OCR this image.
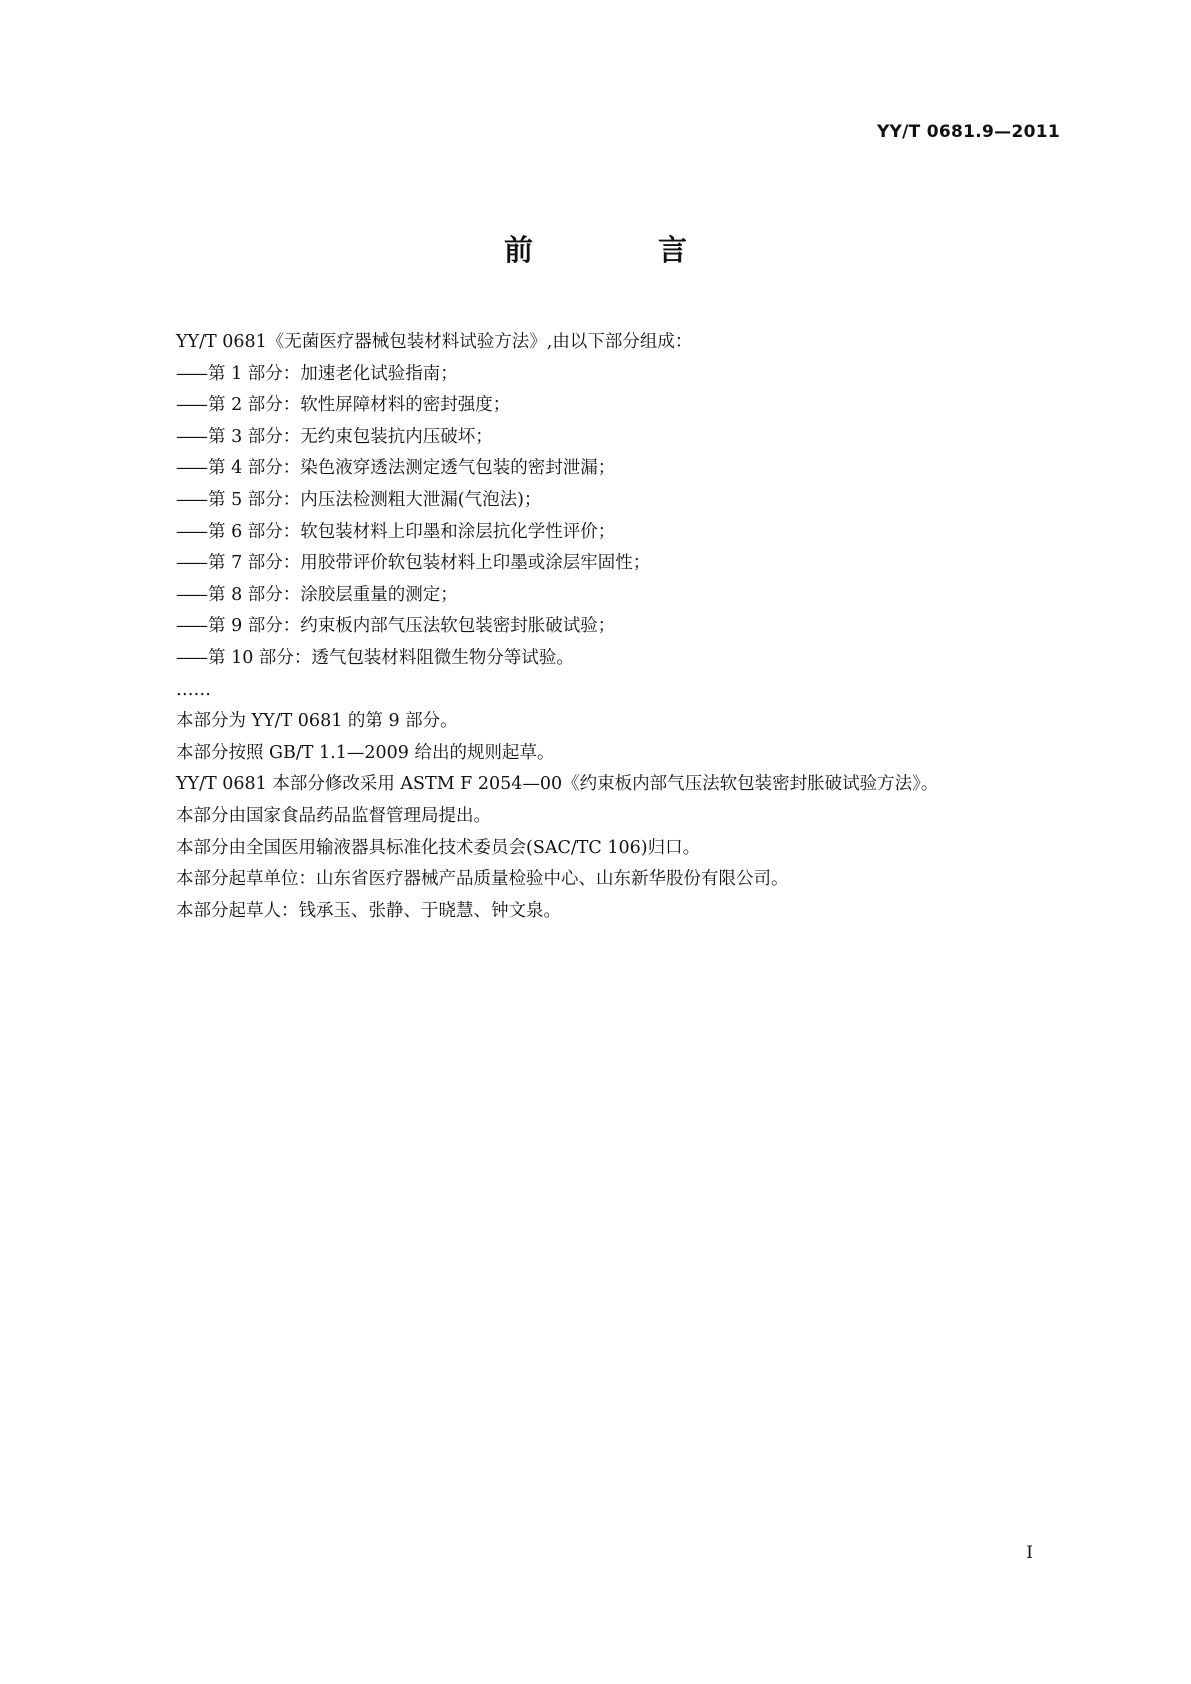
YY/T 0681.9—2011
前　言
YY/T 0681《无菌医疗器械包装材料试验方法》,由以下部分组成：
—— 第 1 部分：加速老化试验指南；
—— 第 2 部分：软性屏障材料的密封强度；
—— 第 3 部分：无约束包装抗内压破坏；
—— 第 4 部分：染色液穿透法测定透气包装的密封泄漏；
—— 第 5 部分：内压法检测粗大泄漏(气泡法)；
—— 第 6 部分：软包装材料上印墨和涂层抗化学性评价；
—— 第 7 部分：用胶带评价软包装材料上印墨或涂层牢固性；
—— 第 8 部分：涂胶层重量的测定；
—— 第 9 部分：约束板内部气压法软包装密封胀破试验；
—— 第 10 部分：透气包装材料阻微生物分等试验。
……
本部分为 YY/T 0681 的第 9 部分。
本部分按照 GB/T 1.1—2009 给出的规则起草。
YY/T 0681 本部分修改采用 ASTM F 2054—00《约束板内部气压法软包装密封胀破试验方法》。
本部分由国家食品药品监督管理局提出。
本部分由全国医用输液器具标准化技术委员会(SAC/TC 106)归口。
本部分起草单位：山东省医疗器械产品质量检验中心、山东新华股份有限公司。
本部分起草人：钱承玉、张静、于晓慧、钟文泉。
I
